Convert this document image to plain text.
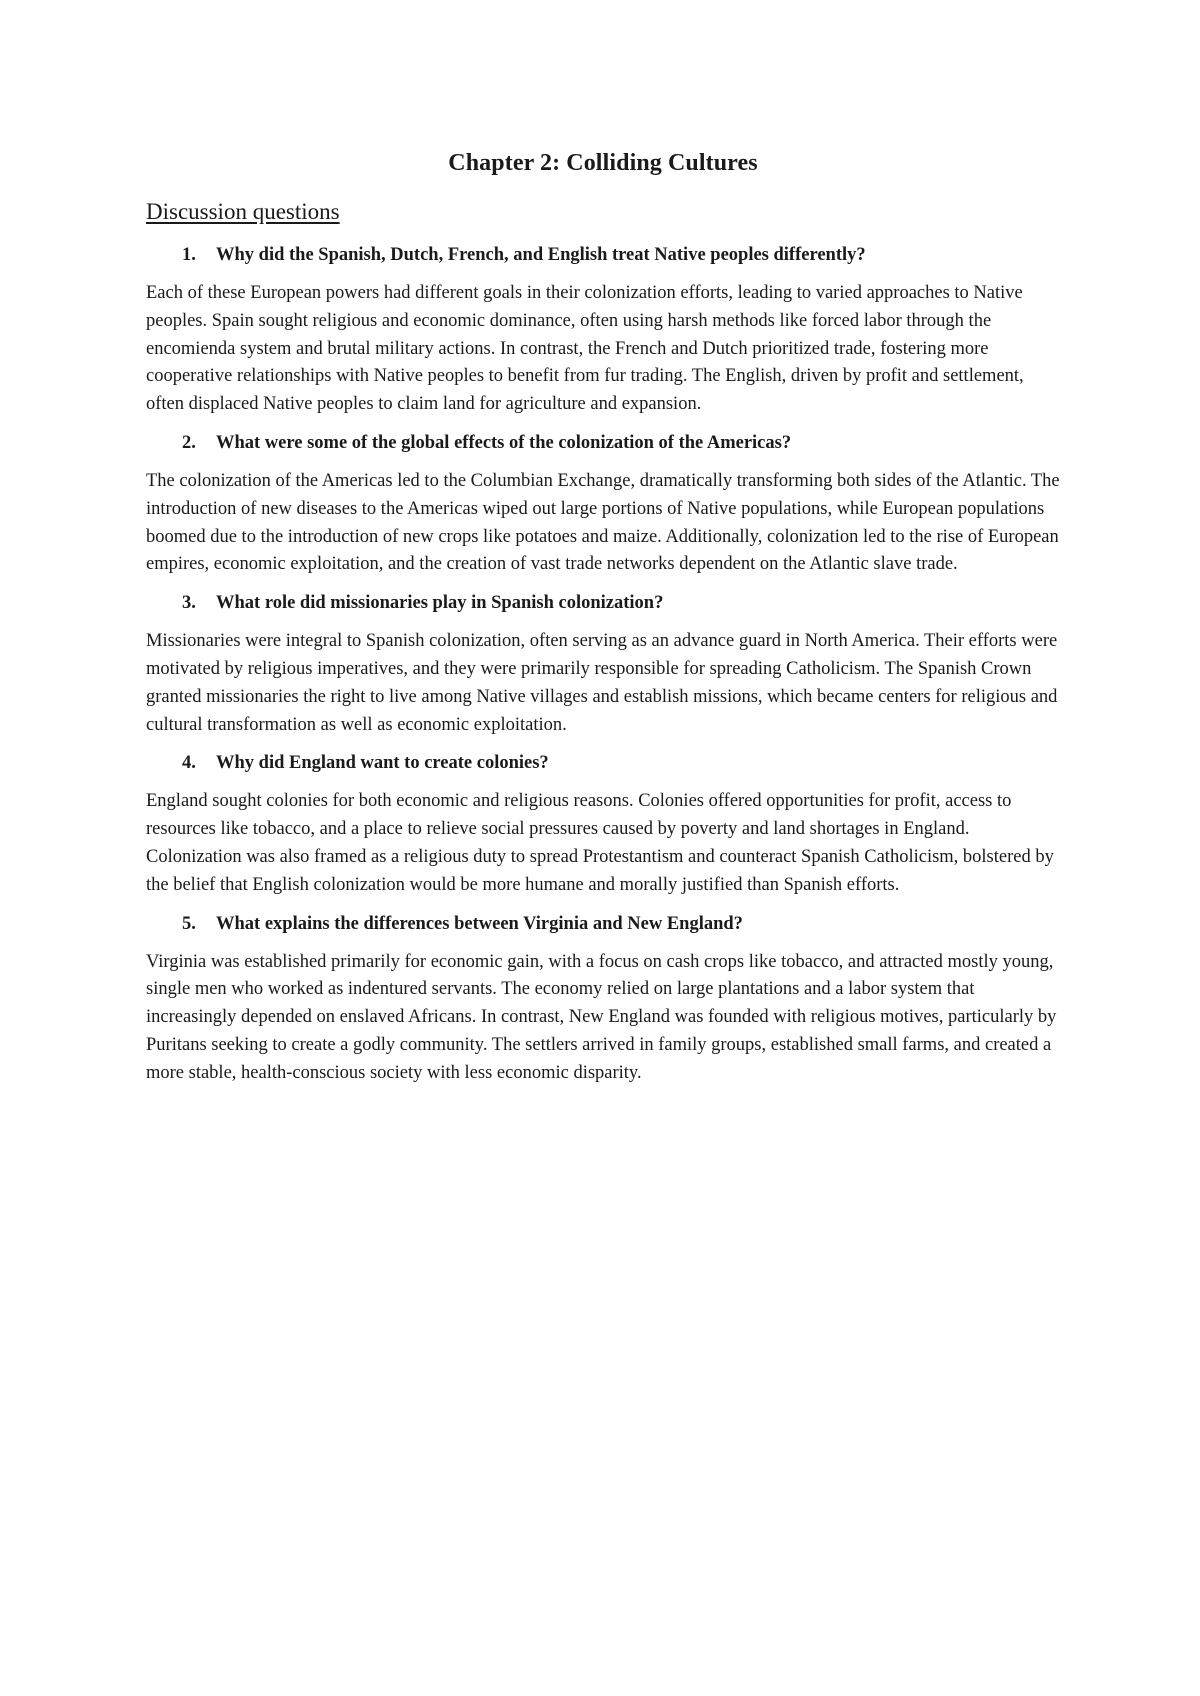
Chapter 2: Colliding Cultures
Discussion questions
1.	Why did the Spanish, Dutch, French, and English treat Native peoples differently?

Each of these European powers had different goals in their colonization efforts, leading to varied approaches to Native peoples. Spain sought religious and economic dominance, often using harsh methods like forced labor through the encomienda system and brutal military actions. In contrast, the French and Dutch prioritized trade, fostering more cooperative relationships with Native peoples to benefit from fur trading. The English, driven by profit and settlement, often displaced Native peoples to claim land for agriculture and expansion.

2.	What were some of the global effects of the colonization of the Americas?

The colonization of the Americas led to the Columbian Exchange, dramatically transforming both sides of the Atlantic. The introduction of new diseases to the Americas wiped out large portions of Native populations, while European populations boomed due to the introduction of new crops like potatoes and maize. Additionally, colonization led to the rise of European empires, economic exploitation, and the creation of vast trade networks dependent on the Atlantic slave trade.

3.	What role did missionaries play in Spanish colonization?

Missionaries were integral to Spanish colonization, often serving as an advance guard in North America. Their efforts were motivated by religious imperatives, and they were primarily responsible for spreading Catholicism. The Spanish Crown granted missionaries the right to live among Native villages and establish missions, which became centers for religious and cultural transformation as well as economic exploitation.

4.	Why did England want to create colonies?

England sought colonies for both economic and religious reasons. Colonies offered opportunities for profit, access to resources like tobacco, and a place to relieve social pressures caused by poverty and land shortages in England. Colonization was also framed as a religious duty to spread Protestantism and counteract Spanish Catholicism, bolstered by the belief that English colonization would be more humane and morally justified than Spanish efforts.

5.	What explains the differences between Virginia and New England?

Virginia was established primarily for economic gain, with a focus on cash crops like tobacco, and attracted mostly young, single men who worked as indentured servants. The economy relied on large plantations and a labor system that increasingly depended on enslaved Africans. In contrast, New England was founded with religious motives, particularly by Puritans seeking to create a godly community. The settlers arrived in family groups, established small farms, and created a more stable, health-conscious society with less economic disparity.
